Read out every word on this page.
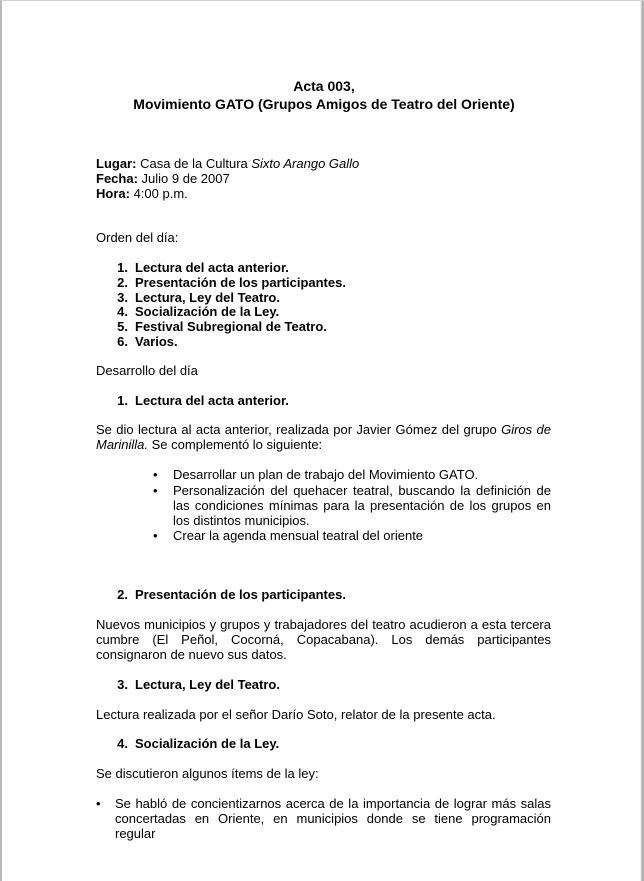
Acta 003,
Movimiento GATO (Grupos Amigos de Teatro del Oriente)
Lugar: Casa de la Cultura Sixto Arango Gallo
Fecha: Julio 9 de 2007
Hora: 4:00 p.m.
Orden del día:
1. Lectura del acta anterior.
2. Presentación de los participantes.
3. Lectura, Ley del Teatro.
4. Socialización de la Ley.
5. Festival Subregional de Teatro.
6. Varios.
Desarrollo del día
1. Lectura del acta anterior.
Se dio lectura al acta anterior, realizada por Javier Gómez del grupo Giros de Marinilla. Se complementó lo siguiente:
• Desarrollar un plan de trabajo del Movimiento GATO.
• Personalización del quehacer teatral, buscando la definición de las condiciones mínimas para la presentación de los grupos en los distintos municipios.
• Crear la agenda mensual teatral del oriente
2. Presentación de los participantes.
Nuevos municipios y grupos y trabajadores del teatro acudieron a esta tercera cumbre (El Peñol, Cocorná, Copacabana). Los demás participantes consignaron de nuevo sus datos.
3. Lectura, Ley del Teatro.
Lectura realizada por el señor Darío Soto, relator de la presente acta.
4. Socialización de la Ley.
Se discutieron algunos ítems de la ley:
• Se habló de concientizarnos acerca de la importancia de lograr más salas concertadas en Oriente, en municipios donde se tiene programación regular
